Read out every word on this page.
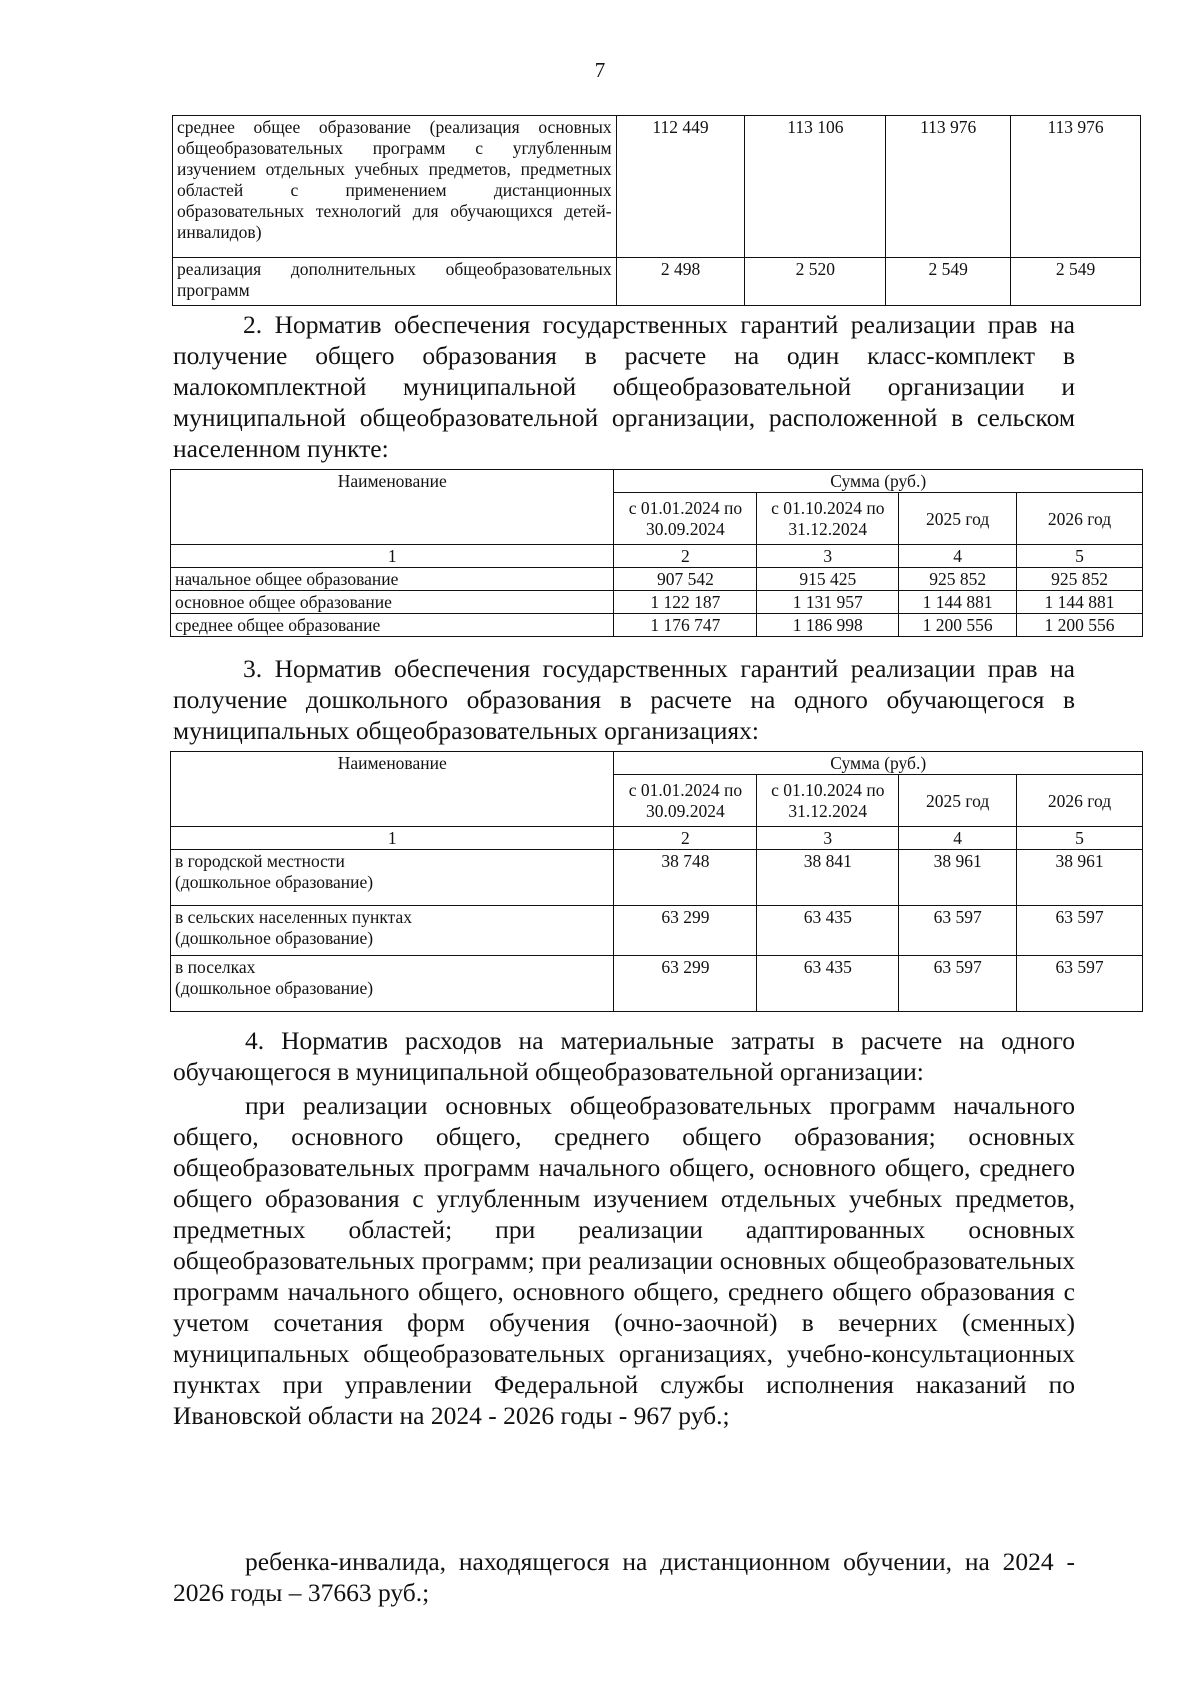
7
среднее общее образование (реализация основных общеобразовательных программ с углубленным изучением отдельных учебных предметов, предметных областей с применением дистанционных образовательных технологий для обучающихся детей-инвалидов)	112 449	113 106	113 976	113 976
реализация дополнительных общеобразовательных программ	2 498	2 520	2 549	2 549

2. Норматив обеспечения государственных гарантий реализации прав на получение общего образования в расчете на один класс-комплект в малокомплектной муниципальной общеобразовательной организации и муниципальной общеобразовательной организации, расположенной в сельском населенном пункте:

Наименование	Сумма (руб.)			
	с 01.01.2024 по 30.09.2024	с 01.10.2024 по 31.12.2024	2025 год	2026 год
1	2	3	4	5
начальное общее образование	907 542	915 425	925 852	925 852
основное общее образование	1 122 187	1 131 957	1 144 881	1 144 881
среднее общее образование	1 176 747	1 186 998	1 200 556	1 200 556

3. Норматив обеспечения государственных гарантий реализации прав на получение дошкольного образования в расчете на одного обучающегося в муниципальных общеобразовательных организациях:

Наименование	Сумма (руб.)			
	с 01.01.2024 по 30.09.2024	с 01.10.2024 по 31.12.2024	2025 год	2026 год
1	2	3	4	5

в городской местности
(дошкольное образование)	38 748	38 841	38 961	38 961

в сельских населенных пунктах
(дошкольное образование)	63 299	63 435	63 597	63 597

в поселках
(дошкольное образование)	63 299	63 435	63 597	63 597

4. Норматив расходов на материальные затраты в расчете на одного обучающегося в муниципальной общеобразовательной организации:

при реализации основных общеобразовательных программ начального общего, основного общего, среднего общего образования; основных общеобразовательных программ начального общего, основного общего, среднего общего образования с углубленным изучением отдельных учебных предметов, предметных областей; при реализации адаптированных основных общеобразовательных программ; при реализации основных общеобразовательных программ начального общего, основного общего, среднего общего образования с учетом сочетания форм обучения (очно-заочной) в вечерних (сменных) муниципальных общеобразовательных организациях, учебно-консультационных пунктах при управлении Федеральной службы исполнения наказаний по Ивановской области на 2024 - 2026 годы - 967 руб.;

ребенка-инвалида, находящегося на дистанционном обучении, на 2024 - 2026 годы – 37663 руб.;
